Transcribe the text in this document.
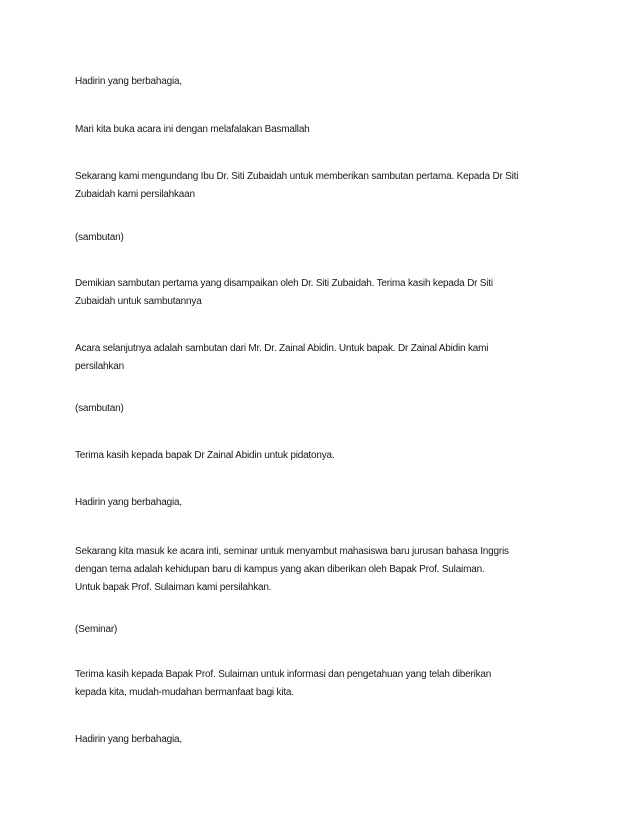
Hadirin yang berbahagia,
Mari kita buka acara ini dengan melafalakan Basmallah
Sekarang kami mengundang Ibu Dr. Siti Zubaidah untuk memberikan sambutan pertama. Kepada Dr Siti
Zubaidah kami persilahkaan
(sambutan)
Demikian sambutan pertama yang disampaikan oleh Dr. Siti Zubaidah. Terima kasih kepada Dr Siti
Zubaidah untuk sambutannya
Acara selanjutnya adalah sambutan dari Mr. Dr. Zainal Abidin. Untuk bapak. Dr Zainal Abidin kami
persilahkan
(sambutan)
Terima kasih kepada bapak Dr Zainal Abidin untuk pidatonya.
Hadirin yang berbahagia,
Sekarang kita masuk ke acara inti, seminar untuk menyambut mahasiswa baru jurusan bahasa Inggris
dengan tema adalah kehidupan baru di kampus yang akan diberikan oleh Bapak Prof. Sulaiman.
Untuk bapak Prof. Sulaiman kami persilahkan.
(Seminar)
Terima kasih kepada Bapak Prof. Sulaiman untuk informasi dan pengetahuan yang telah diberikan
kepada kita, mudah-mudahan bermanfaat bagi kita.
Hadirin yang berbahagia,
